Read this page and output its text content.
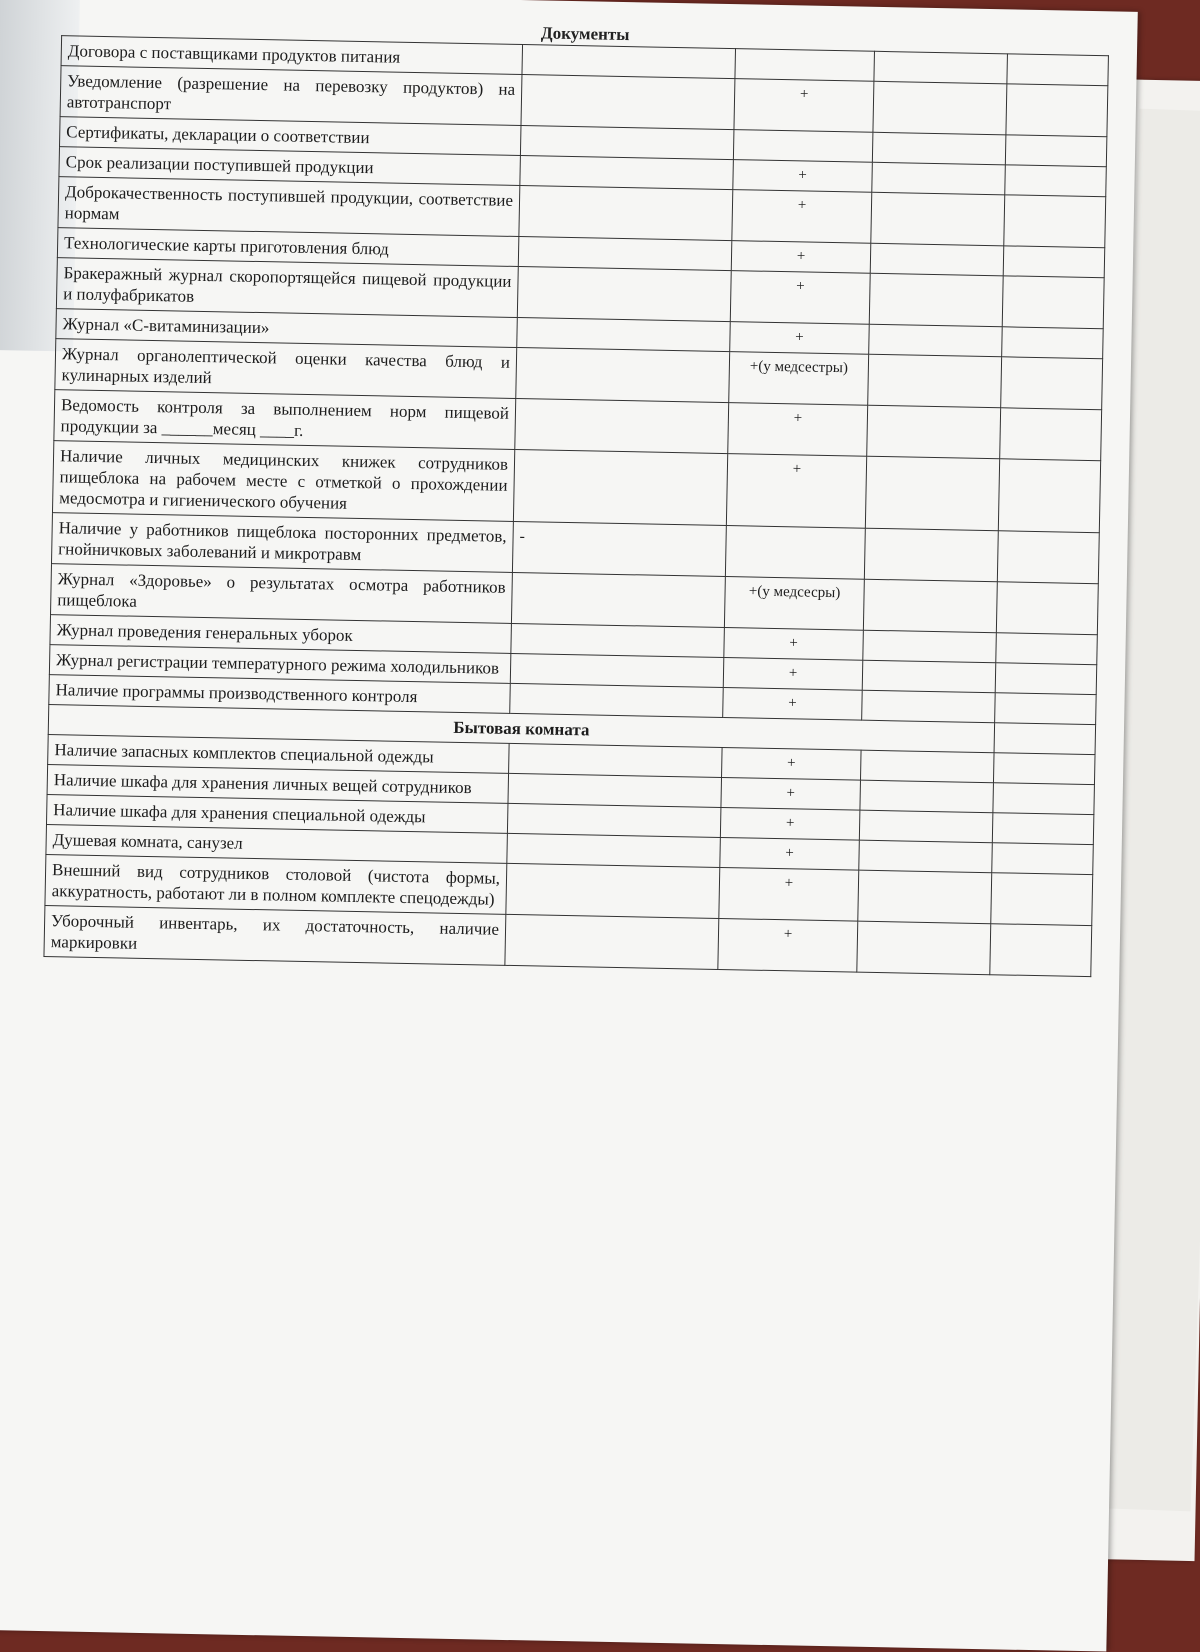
Документы
Договора с поставщиками продуктов питания				
Уведомление (разрешение на перевозку продуктов) на автотранспорт		+		
Сертификаты, декларации о соответствии				
Срок реализации поступившей продукции		+		
Доброкачественность поступившей продукции, соответствие нормам		+		
Технологические карты приготовления блюд		+		
Бракеражный журнал скоропортящейся пищевой продукции и полуфабрикатов		+		
Журнал «С-витаминизации»		+		
Журнал органолептической оценки качества блюд и кулинарных изделий		+(у медсестры)		
Ведомость контроля за выполнением норм пищевой продукции за ______месяц ____г.		+		
Наличие личных медицинских книжек сотрудников пищеблока на рабочем месте с отметкой о прохождении медосмотра и гигиенического обучения		+		
Наличие у работников пищеблока посторонних предметов, гнойничковых заболеваний и микротравм	-			
Журнал «Здоровье» о результатах осмотра работников пищеблока		+(у медсесры)		
Журнал проведения генеральных уборок		+		
Журнал регистрации температурного режима холодильников		+		
Наличие программы производственного контроля		+		
Бытовая комната				
Наличие запасных комплектов специальной одежды		+		
Наличие шкафа для хранения личных вещей сотрудников		+		
Наличие шкафа для хранения специальной одежды		+		
Душевая комната, санузел		+		
Внешний вид сотрудников столовой (чистота формы, аккуратность, работают ли в полном комплекте спецодежды)		+		
Уборочный инвентарь, их достаточность, наличие маркировки		+		
